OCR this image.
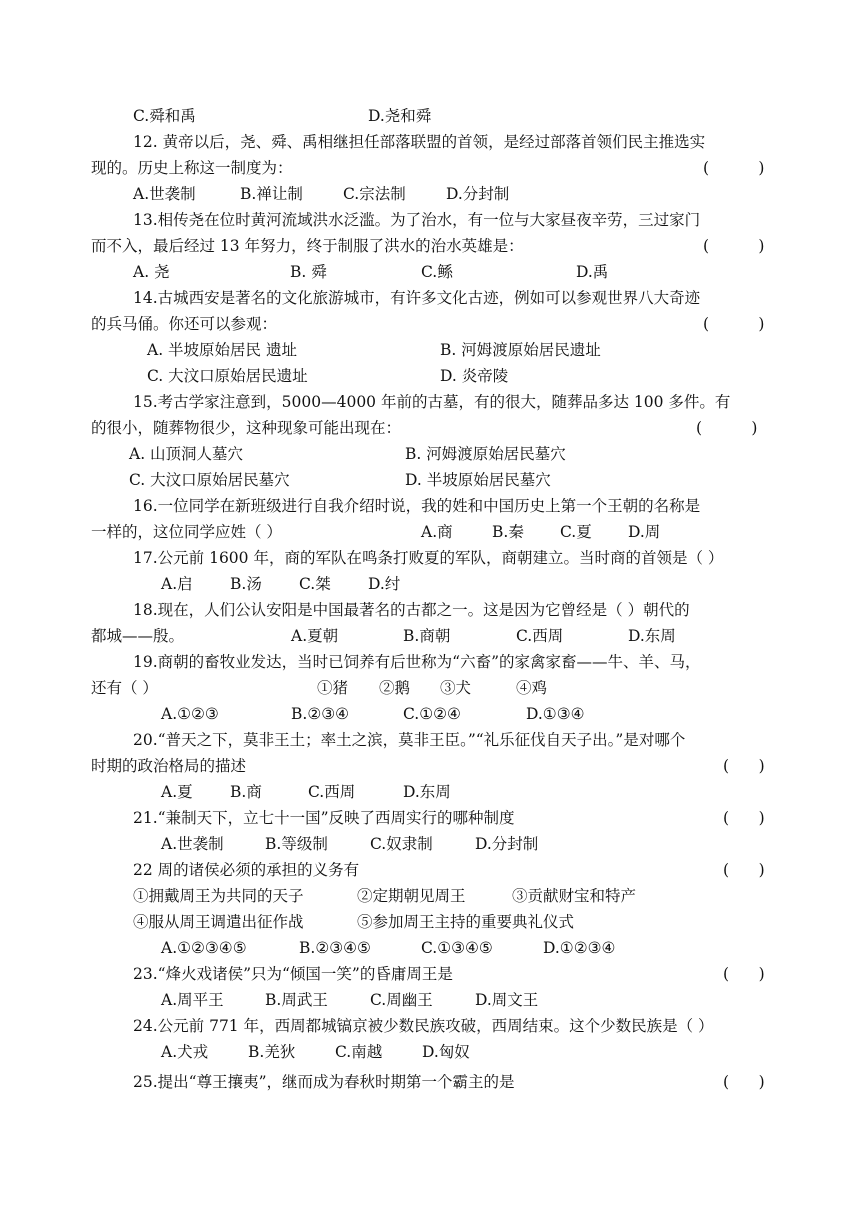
C.舜和禹	D.尧和舜
12. 黄帝以后，尧、舜、禹相继担任部落联盟的首领，是经过部落首领们民主推选实
现的。历史上称这一制度为：	(          )
A.世袭制	B.禅让制	C.宗法制	D.分封制
13.相传尧在位时黄河流域洪水泛滥。为了治水，有一位与大家昼夜辛劳，三过家门
而不入，最后经过 13 年努力，终于制服了洪水的治水英雄是：	(          )
A. 尧	B. 舜	C.鲧	D.禹
14.古城西安是著名的文化旅游城市，有许多文化古迹，例如可以参观世界八大奇迹
的兵马俑。你还可以参观：	(          )
A. 半坡原始居民 遗址	B. 河姆渡原始居民遗址
C. 大汶口原始居民遗址	D. 炎帝陵
15.考古学家注意到，5000—4000 年前的古墓，有的很大，随葬品多达 100 多件。有
的很小，随葬物很少，这种现象可能出现在：	(          )
A. 山顶洞人墓穴	B. 河姆渡原始居民墓穴
C. 大汶口原始居民墓穴	D. 半坡原始居民墓穴
16.一位同学在新班级进行自我介绍时说，我的姓和中国历史上第一个王朝的名称是
一样的，这位同学应姓（ ）	A.商	B.秦 C.夏 D.周
17.公元前 1600 年，商的军队在鸣条打败夏的军队，商朝建立。当时商的首领是（ ）
A.启 B.汤 C.桀 D.纣
18.现在，人们公认安阳是中国最著名的古都之一。这是因为它曾经是（ ）朝代的
都城——殷。	A.夏朝	B.商朝	C.西周	D.东周
19.商朝的畜牧业发达，当时已饲养有后世称为“六畜”的家禽家畜——牛、羊、马，
还有（ ）	①猪 ②鹅 ③犬	④鸡
A.①②③	B.②③④	C.①②④	D.①③④
20.“普天之下，莫非王土；率土之滨，莫非王臣。”“礼乐征伐自天子出。”是对哪个
时期的政治格局的描述	(      )
A.夏 B.商	C.西周	D.东周
21.“兼制天下，立七十一国”反映了西周实行的哪种制度	(      )
A.世袭制	B.等级制	C.奴隶制	D.分封制
22 周的诸侯必须的承担的义务有	(      )
①拥戴周王为共同的天子	②定期朝见周王	③贡献财宝和特产
④服从周王调遣出征作战	⑤参加周王主持的重要典礼仪式
A.①②③④⑤	B.②③④⑤	C.①③④⑤	D.①②③④
23.“烽火戏诸侯”只为“倾国一笑”的昏庸周王是	(      )
A.周平王	B.周武王	C.周幽王	D.周文王
24.公元前 771 年，西周都城镐京被少数民族攻破，西周结束。这个少数民族是（ ）
A.犬戎	B.羌狄	C.南越	D.匈奴
25.提出“尊王攘夷”，继而成为春秋时期第一个霸主的是	(      )
